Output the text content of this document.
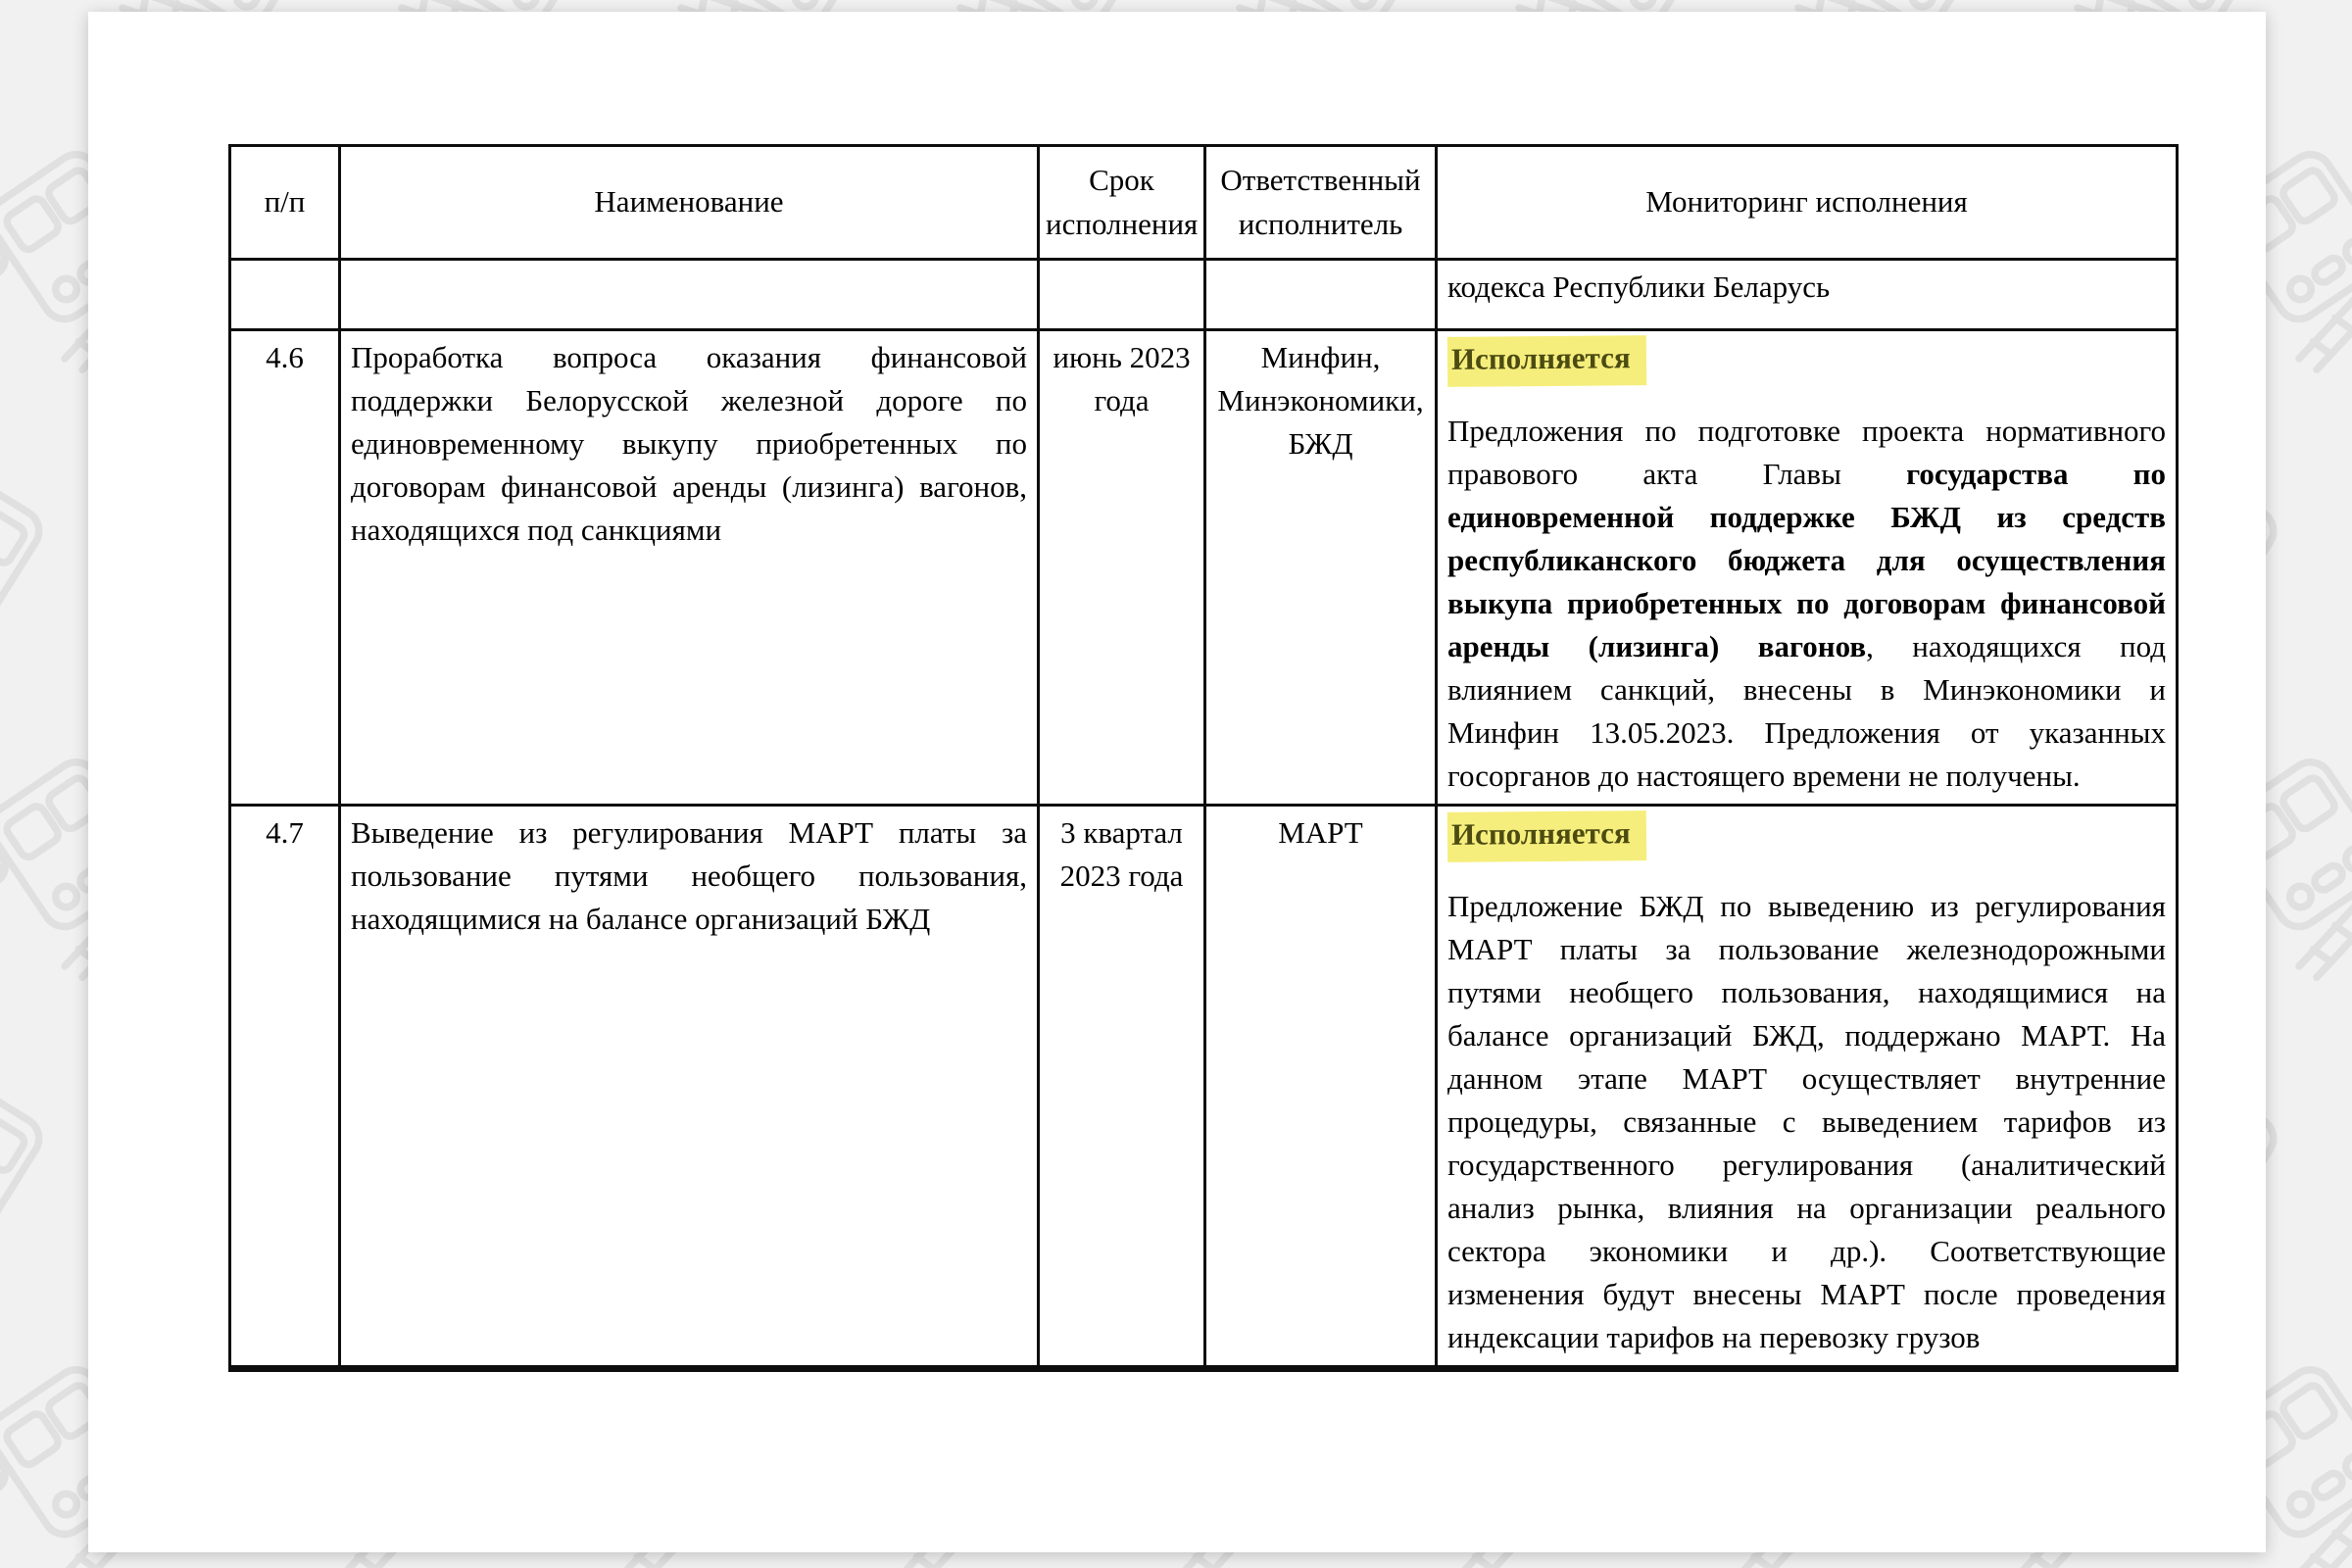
п/п	Наименование	Срок исполнения	Ответственный исполнитель	Мониторинг исполнения

				кодекса Республики Беларусь

4.6	Проработка вопроса оказания финансовой поддержки Белорусской железной дороге по единовременному выкупу приобретенных по договорам финансовой аренды (лизинга) вагонов, находящихся под санкциями	июнь 2023 года	Минфин, Минэкономики, БЖД	Исполняется

Предложения по подготовке проекта нормативного правового акта Главы государства по единовременной поддержке БЖД из средств республиканского бюджета для осуществления выкупа приобретенных по договорам финансовой аренды (лизинга) вагонов, находящихся под влиянием санкций, внесены в Минэкономики и Минфин 13.05.2023. Предложения от указанных госорганов до настоящего времени не получены.

4.7	Выведение из регулирования МАРТ платы за пользование путями необщего пользования, находящимися на балансе организаций БЖД	3 квартал 2023 года	МАРТ	Исполняется

Предложение БЖД по выведению из регулирования МАРТ платы за пользование железнодорожными путями необщего пользования, находящимися на балансе организаций БЖД, поддержано МАРТ. На данном этапе МАРТ осуществляет внутренние процедуры, связанные с выведением тарифов из государственного регулирования (аналитический анализ рынка, влияния на организации реального сектора экономики и др.). Соответствующие изменения будут внесены МАРТ после проведения индексации тарифов на перевозку грузов
